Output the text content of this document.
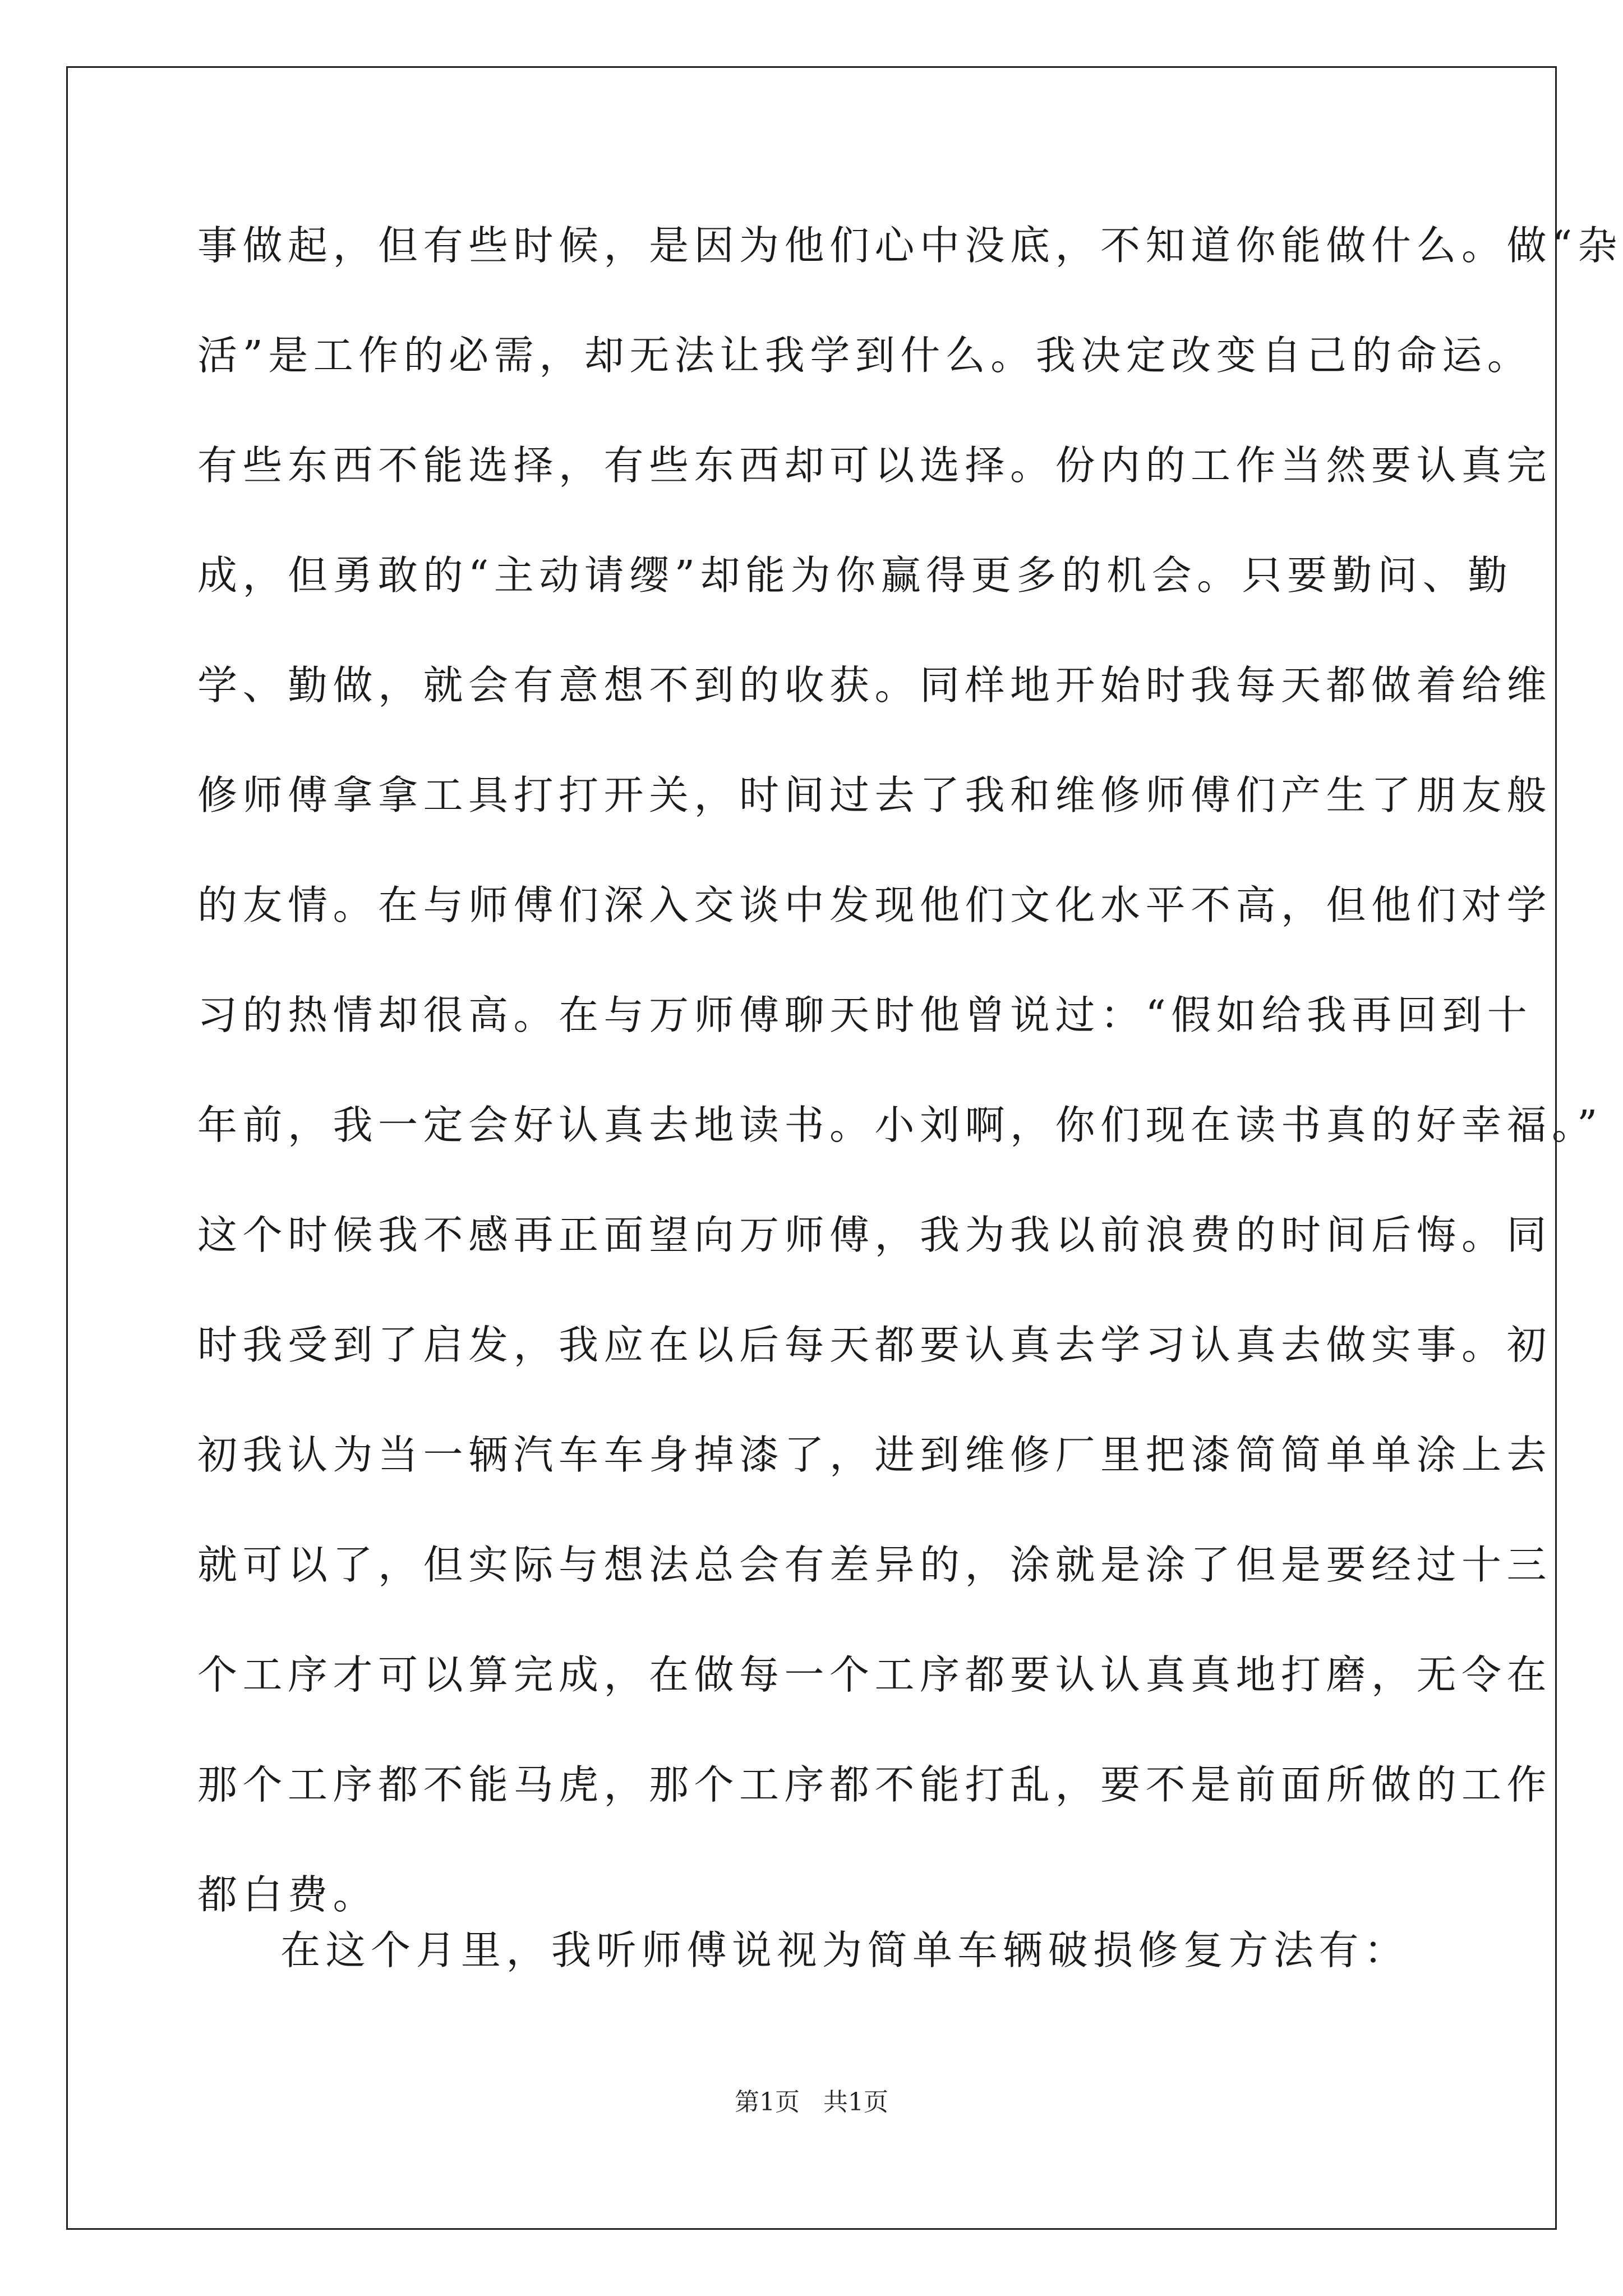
事做起，但有些时候，是因为他们心中没底，不知道你能做什么。做“杂
活”是工作的必需，却无法让我学到什么。我决定改变自己的命运。
有些东西不能选择，有些东西却可以选择。份内的工作当然要认真完
成，但勇敢的“主动请缨”却能为你赢得更多的机会。只要勤问、勤
学、勤做，就会有意想不到的收获。同样地开始时我每天都做着给维
修师傅拿拿工具打打开关，时间过去了我和维修师傅们产生了朋友般
的友情。在与师傅们深入交谈中发现他们文化水平不高，但他们对学
习的热情却很高。在与万师傅聊天时他曾说过：“假如给我再回到十
年前，我一定会好认真去地读书。小刘啊，你们现在读书真的好幸福。”
这个时候我不感再正面望向万师傅，我为我以前浪费的时间后悔。同
时我受到了启发，我应在以后每天都要认真去学习认真去做实事。初
初我认为当一辆汽车车身掉漆了，进到维修厂里把漆简简单单涂上去
就可以了，但实际与想法总会有差异的，涂就是涂了但是要经过十三
个工序才可以算完成，在做每一个工序都要认认真真地打磨，无令在
那个工序都不能马虎，那个工序都不能打乱，要不是前面所做的工作
都白费。
在这个月里，我听师傅说视为简单车辆破损修复方法有：
第1页   共1页
